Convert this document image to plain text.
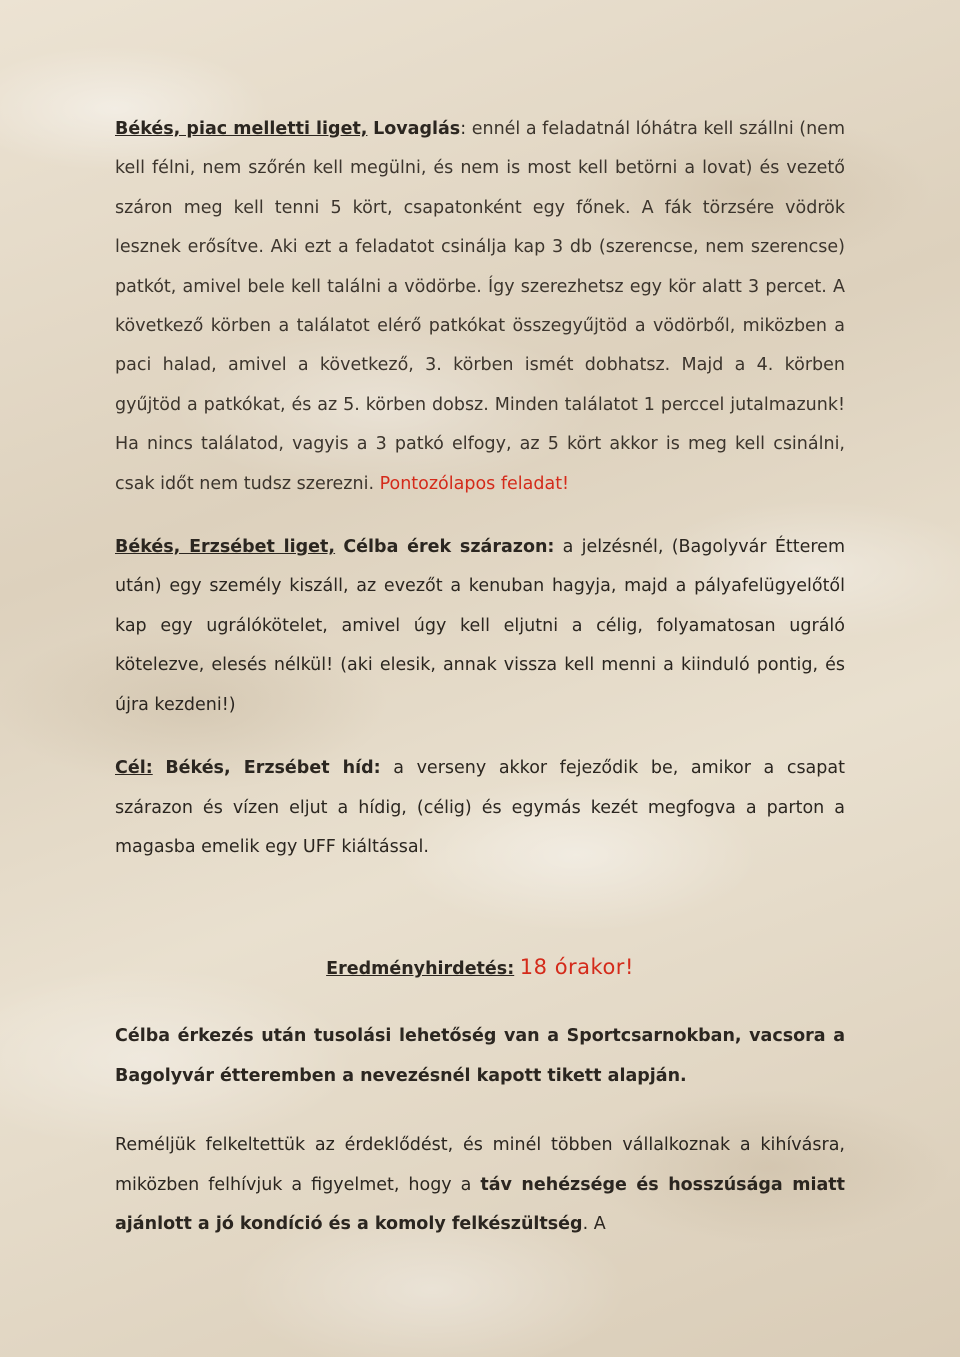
Békés, piac melletti liget, Lovaglás: ennél a feladatnál lóhátra kell szállni (nem kell félni, nem szőrén kell megülni, és nem is most kell betörni a lovat) és vezető száron meg kell tenni 5 kört, csapatonként egy főnek. A fák törzsére vödrök lesznek erősítve. Aki ezt a feladatot csinálja kap 3 db (szerencse, nem szerencse) patkót, amivel bele kell találni a vödörbe. Így szerezhetsz egy kör alatt 3 percet. A következő körben a találatot elérő patkókat összegyűjtöd a vödörből, miközben a paci halad, amivel a következő, 3. körben ismét dobhatsz. Majd a 4. körben gyűjtöd a patkókat, és az 5. körben dobsz. Minden találatot 1 perccel jutalmazunk! Ha nincs találatod, vagyis a 3 patkó elfogy, az 5 kört akkor is meg kell csinálni, csak időt nem tudsz szerezni. Pontozólapos feladat!

Békés, Erzsébet liget, Célba érek szárazon: a jelzésnél, (Bagolyvár Étterem után) egy személy kiszáll, az evezőt a kenuban hagyja, majd a pályafelügyelőtől kap egy ugrálókötelet, amivel úgy kell eljutni a célig, folyamatosan ugráló kötelezve, elesés nélkül! (aki elesik, annak vissza kell menni a kiinduló pontig, és újra kezdeni!)

Cél: Békés, Erzsébet híd: a verseny akkor fejeződik be, amikor a csapat szárazon és vízen eljut a hídig, (célig) és egymás kezét megfogva a parton a magasba emelik egy UFF kiáltással.

Eredményhirdetés: 18 órakor!

Célba érkezés után tusolási lehetőség van a Sportcsarnokban, vacsora a Bagolyvár étteremben a nevezésnél kapott tikett alapján.

Reméljük felkeltettük az érdeklődést, és minél többen vállalkoznak a kihívásra, miközben felhívjuk a figyelmet, hogy a táv nehézsége és hosszúsága miatt ajánlott a jó kondíció és a komoly felkészültség. A
